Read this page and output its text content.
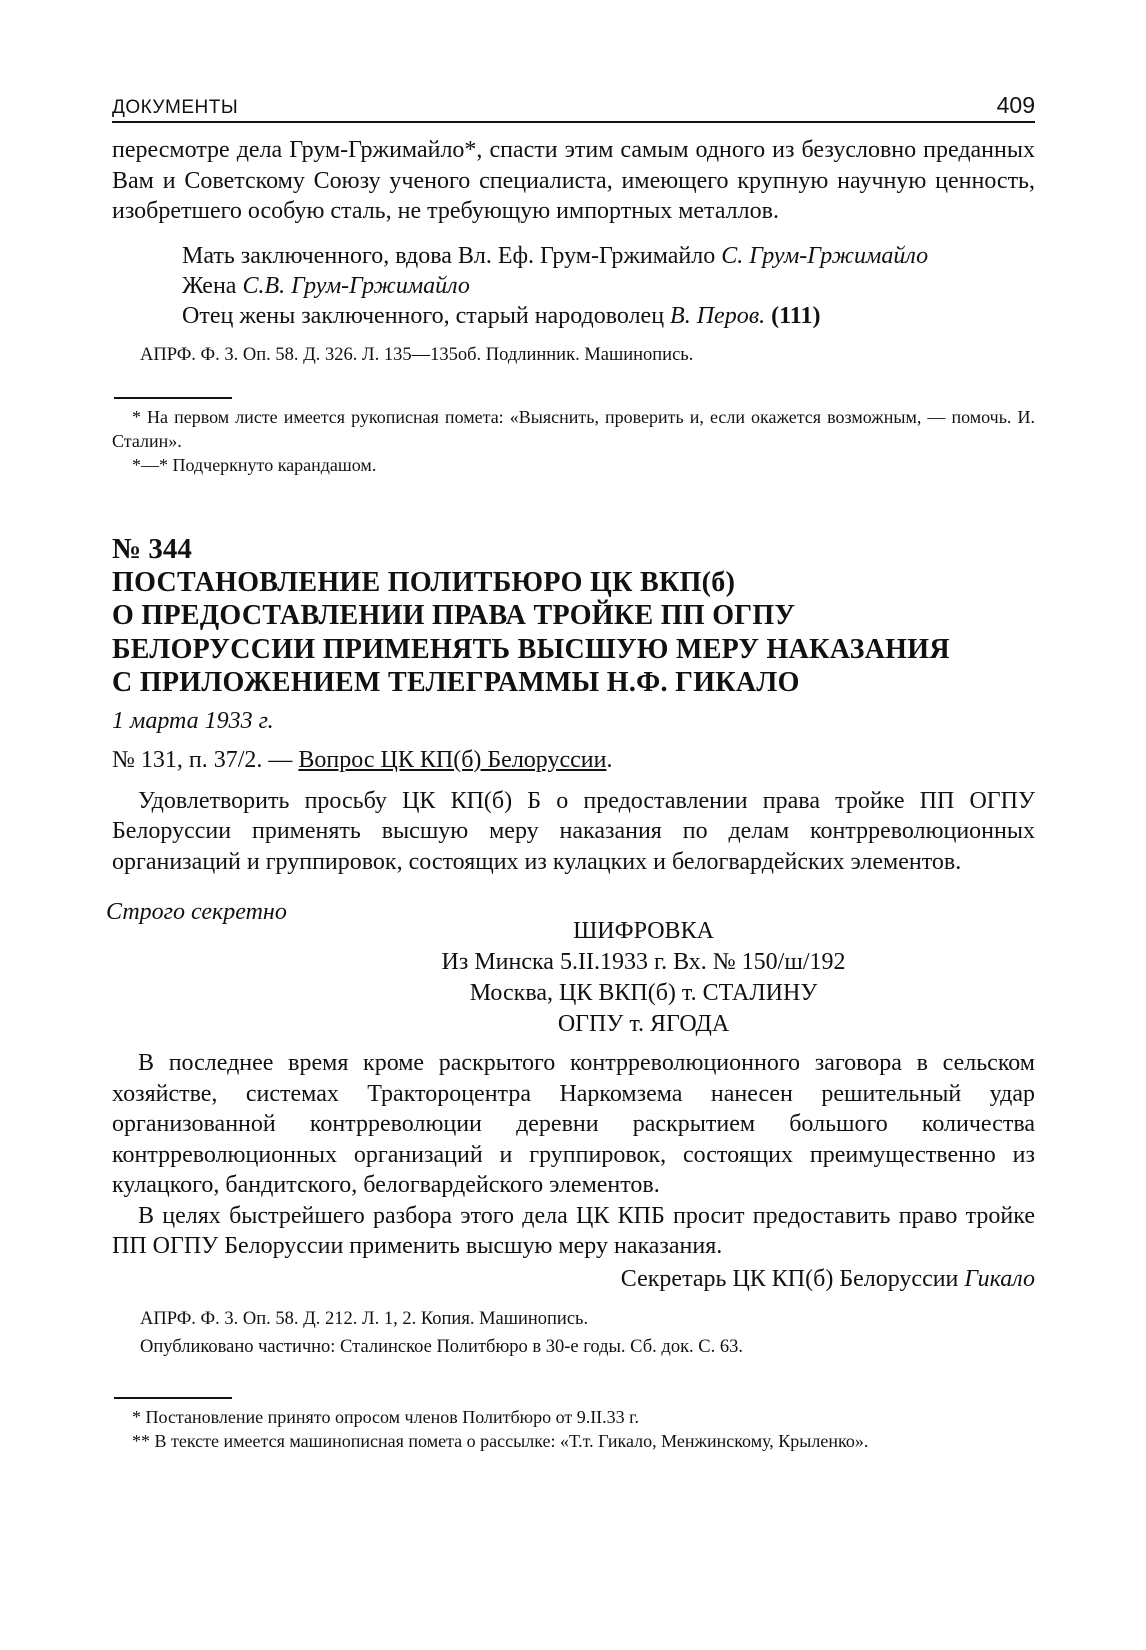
ДОКУМЕНТЫ	409

пересмотре дела Грум-Гржимайло*, спасти этим самым одного из безусловно преданных Вам и Советскому Союзу ученого специалиста, имеющего крупную научную ценность, изобретшего особую сталь, не требующую импортных металлов.

Мать заключенного, вдова Вл. Еф. Грум-Гржимайло С. Грум-Гржимайло
Жена С.В. Грум-Гржимайло
Отец жены заключенного, старый народоволец В. Перов. (111)
АПРФ. Ф. 3. Оп. 58. Д. 326. Л. 135—135об. Подлинник. Машинопись.

* На первом листе имеется рукописная помета: «Выяснить, проверить и, если окажется возможным, — помочь. И. Сталин».

*—* Подчеркнуто карандашом.

№ 344
ПОСТАНОВЛЕНИЕ ПОЛИТБЮРО ЦК ВКП(б)
О ПРЕДОСТАВЛЕНИИ ПРАВА ТРОЙКЕ ПП ОГПУ
БЕЛОРУССИИ ПРИМЕНЯТЬ ВЫСШУЮ МЕРУ НАКАЗАНИЯ
С ПРИЛОЖЕНИЕМ ТЕЛЕГРАММЫ Н.Ф. ГИКАЛО
1 марта 1933 г.
№ 131, п. 37/2. — Вопрос ЦК КП(б) Белоруссии.

Удовлетворить просьбу ЦК КП(б) Б о предоставлении права тройке ПП ОГПУ Белоруссии применять высшую меру наказания по делам контрреволюционных организаций и группировок, состоящих из кулацких и белогвардейских элементов.

Строго секретно
ШИФРОВКА
Из Минска 5.II.1933 г. Вх. № 150/ш/192
Москва, ЦК ВКП(б) т. СТАЛИНУ
ОГПУ т. ЯГОДА

В последнее время кроме раскрытого контрреволюционного заговора в сельском хозяйстве, системах Трактороцентра Наркомзема нанесен решительный удар организованной контрреволюции деревни раскрытием большого количества контрреволюционных организаций и группировок, состоящих преимущественно из кулацкого, бандитского, белогвардейского элементов.

В целях быстрейшего разбора этого дела ЦК КПБ просит предоставить право тройке ПП ОГПУ Белоруссии применить высшую меру наказания.

Секретарь ЦК КП(б) Белоруссии Гикало
АПРФ. Ф. 3. Оп. 58. Д. 212. Л. 1, 2. Копия. Машинопись.
Опубликовано частично: Сталинское Политбюро в 30-е годы. Сб. док. С. 63.

* Постановление принято опросом членов Политбюро от 9.II.33 г.

** В тексте имеется машинописная помета о рассылке: «Т.т. Гикало, Менжинскому, Крыленко».
